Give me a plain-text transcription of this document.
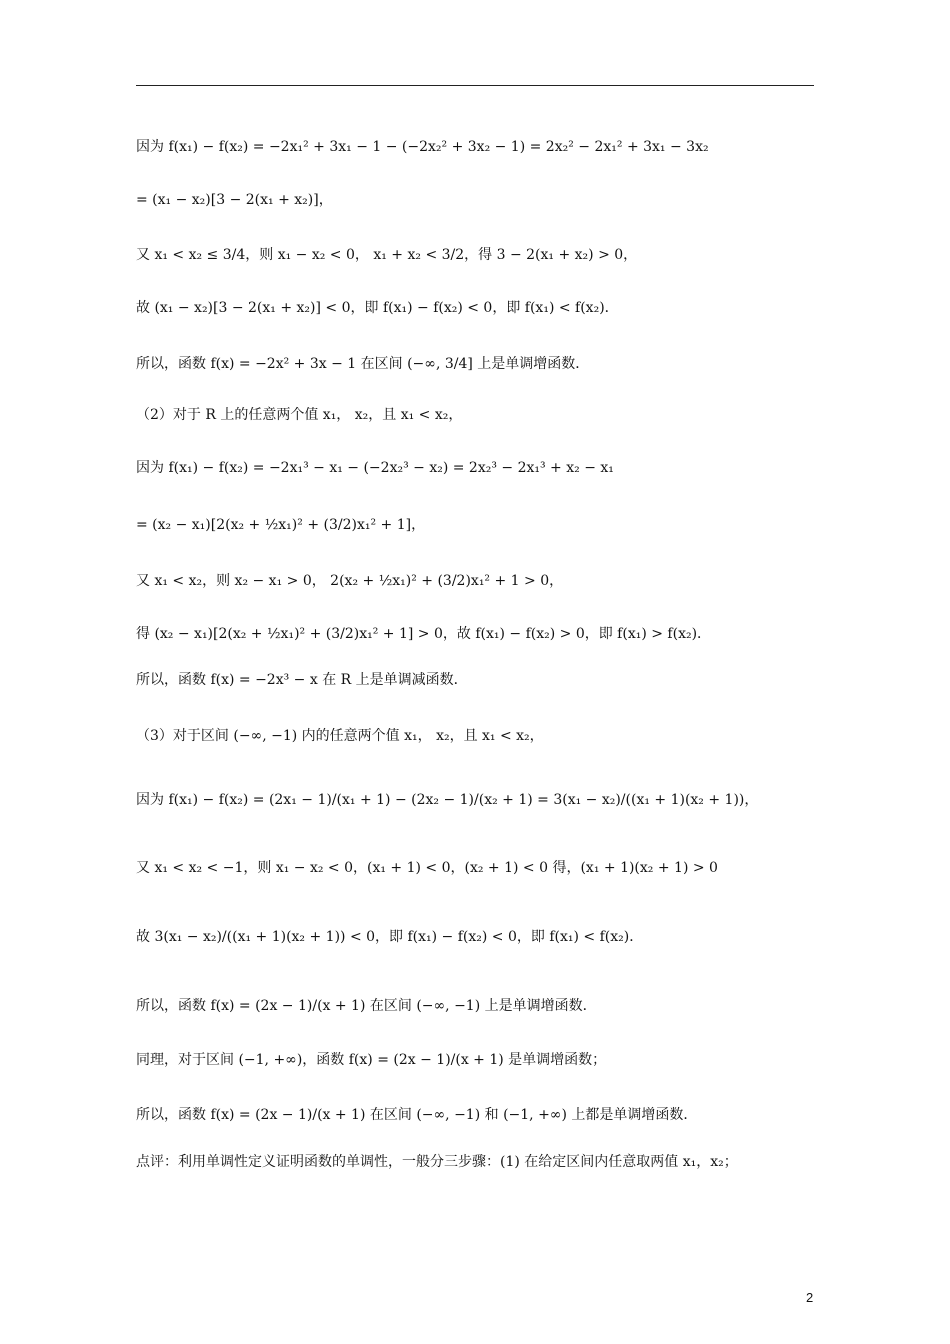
因为 f(x₁) − f(x₂) = −2x₁² + 3x₁ − 1 − (−2x₂² + 3x₂ − 1) = 2x₂² − 2x₁² + 3x₁ − 3x₂
= (x₁ − x₂)[3 − 2(x₁ + x₂)]，
又 x₁ < x₂ ≤ 3/4，则 x₁ − x₂ < 0， x₁ + x₂ < 3/2，得 3 − 2(x₁ + x₂) > 0，
故 (x₁ − x₂)[3 − 2(x₁ + x₂)] < 0，即 f(x₁) − f(x₂) < 0，即 f(x₁) < f(x₂)．
所以，函数 f(x) = −2x² + 3x − 1 在区间 (−∞, 3/4] 上是单调增函数．
（2）对于 R 上的任意两个值 x₁， x₂，且 x₁ < x₂，
因为 f(x₁) − f(x₂) = −2x₁³ − x₁ − (−2x₂³ − x₂) = 2x₂³ − 2x₁³ + x₂ − x₁
= (x₂ − x₁)[2(x₂ + ½x₁)² + (3/2)x₁² + 1]，
又 x₁ < x₂，则 x₂ − x₁ > 0， 2(x₂ + ½x₁)² + (3/2)x₁² + 1 > 0，
得 (x₂ − x₁)[2(x₂ + ½x₁)² + (3/2)x₁² + 1] > 0，故 f(x₁) − f(x₂) > 0，即 f(x₁) > f(x₂)．
所以，函数 f(x) = −2x³ − x 在 R 上是单调减函数．
（3）对于区间 (−∞, −1) 内的任意两个值 x₁， x₂，且 x₁ < x₂，
因为 f(x₁) − f(x₂) = (2x₁ − 1)/(x₁ + 1) − (2x₂ − 1)/(x₂ + 1) = 3(x₁ − x₂)/((x₁ + 1)(x₂ + 1))，
又 x₁ < x₂ < −1，则 x₁ − x₂ < 0，(x₁ + 1) < 0，(x₂ + 1) < 0 得，(x₁ + 1)(x₂ + 1) > 0
故 3(x₁ − x₂)/((x₁ + 1)(x₂ + 1)) < 0，即 f(x₁) − f(x₂) < 0，即 f(x₁) < f(x₂)．
所以，函数 f(x) = (2x − 1)/(x + 1) 在区间 (−∞, −1) 上是单调增函数．
同理，对于区间 (−1, +∞)，函数 f(x) = (2x − 1)/(x + 1) 是单调增函数；
所以，函数 f(x) = (2x − 1)/(x + 1) 在区间 (−∞, −1) 和 (−1, +∞) 上都是单调增函数．
点评：利用单调性定义证明函数的单调性，一般分三步骤：(1) 在给定区间内任意取两值 x₁，x₂；
2
